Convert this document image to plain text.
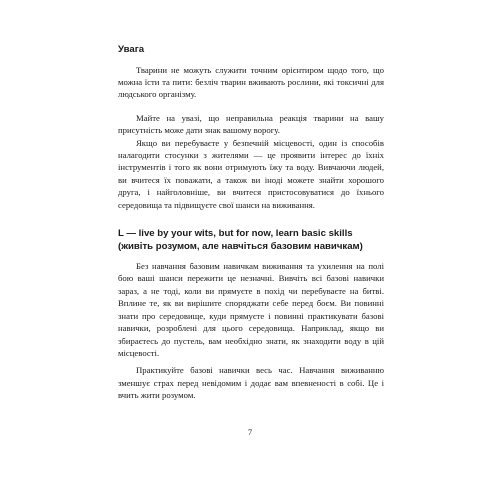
Увага

Тварини не можуть служити точним орієнтиром щодо того, що можна їсти та пити: безліч тварин вживають рослини, які токсичні для людського організму.

Майте на увазі, що неправильна реакція тварини на вашу присутність може дати знак вашому ворогу.

Якщо ви перебуваєте у безпечній місцевості, один із способів налагодити стосунки з жителями — це проявити інтерес до їхніх інструментів і того як вони отримують їжу та воду. Вивчаючи людей, ви вчитеся їх поважати, а також ви іноді можете знайти хорошого друга, і найголовніше, ви вчитеся пристосовуватися до їхнього середовища та підвищуєте свої шанси на виживання.

L — live by your wits, but for now, learn basic skills (живіть розумом, але навчіться базовим навичкам)

Без навчання базовим навичкам виживання та ухилення на полі бою ваші шанси пережити це незначні. Вивчіть всі базові навички зараз, а не тоді, коли ви прямуєте в похід чи перебуваєте на битві. Вплине те, як ви вирішите споряджати себе перед боєм. Ви повинні знати про середовище, куди прямуєте і повинні практикувати базові навички, розроблені для цього середовища. Наприклад, якщо ви збираєтесь до пустель, вам необхідно знати, як знаходити воду в цій місцевості.

Практикуйте базові навички весь час. Навчання виживанню зменшує страх перед невідомим і додає вам впевненості в собі. Це і вчить жити розумом.

7
